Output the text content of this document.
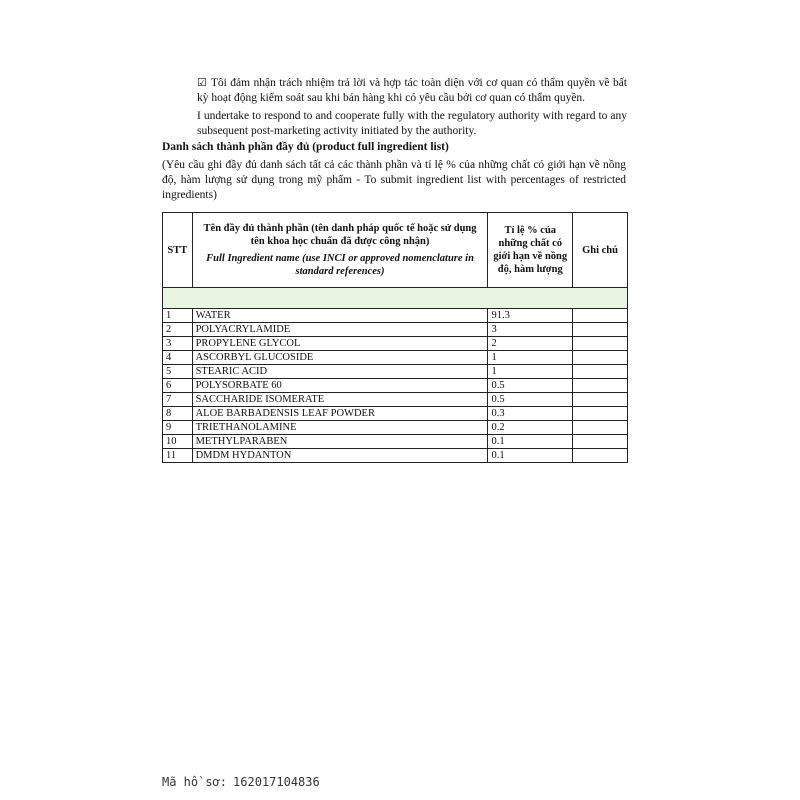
☑ Tôi đảm nhận trách nhiệm trả lời và hợp tác toàn diện với cơ quan có thẩm quyền về bất kỳ hoạt động kiểm soát sau khi bán hàng khi có yêu cầu bởi cơ quan có thẩm quyền.
I undertake to respond to and cooperate fully with the regulatory authority with regard to any subsequent post-marketing activity initiated by the authority.
Danh sách thành phần đầy đủ (product full ingredient list)
(Yêu cầu ghi đầy đủ danh sách tất cả các thành phần và tỉ lệ % của những chất có giới hạn về nồng độ, hàm lượng sử dụng trong mỹ phẩm - To submit ingredient list with percentages of restricted ingredients)
STT	Tên đầy đủ thành phần (tên danh pháp quốc tế hoặc sử dụng tên khoa học chuẩn đã được công nhận)
Full Ingredient name (use INCI or approved nomenclature in standard references)	Tỉ lệ % của những chất có giới hạn về nồng độ, hàm lượng	Ghi chú

1	WATER	91.3	
2	POLYACRYLAMIDE	3	
3	PROPYLENE GLYCOL	2	
4	ASCORBYL GLUCOSIDE	1	
5	STEARIC ACID	1	
6	POLYSORBATE 60	0.5	
7	SACCHARIDE ISOMERATE	0.5	
8	ALOE BARBADENSIS LEAF POWDER	0.3	
9	TRIETHANOLAMINE	0.2	
10	METHYLPARABEN	0.1	
11	DMDM HYDANTON	0.1	
Mã hồ sơ: 162017104836
